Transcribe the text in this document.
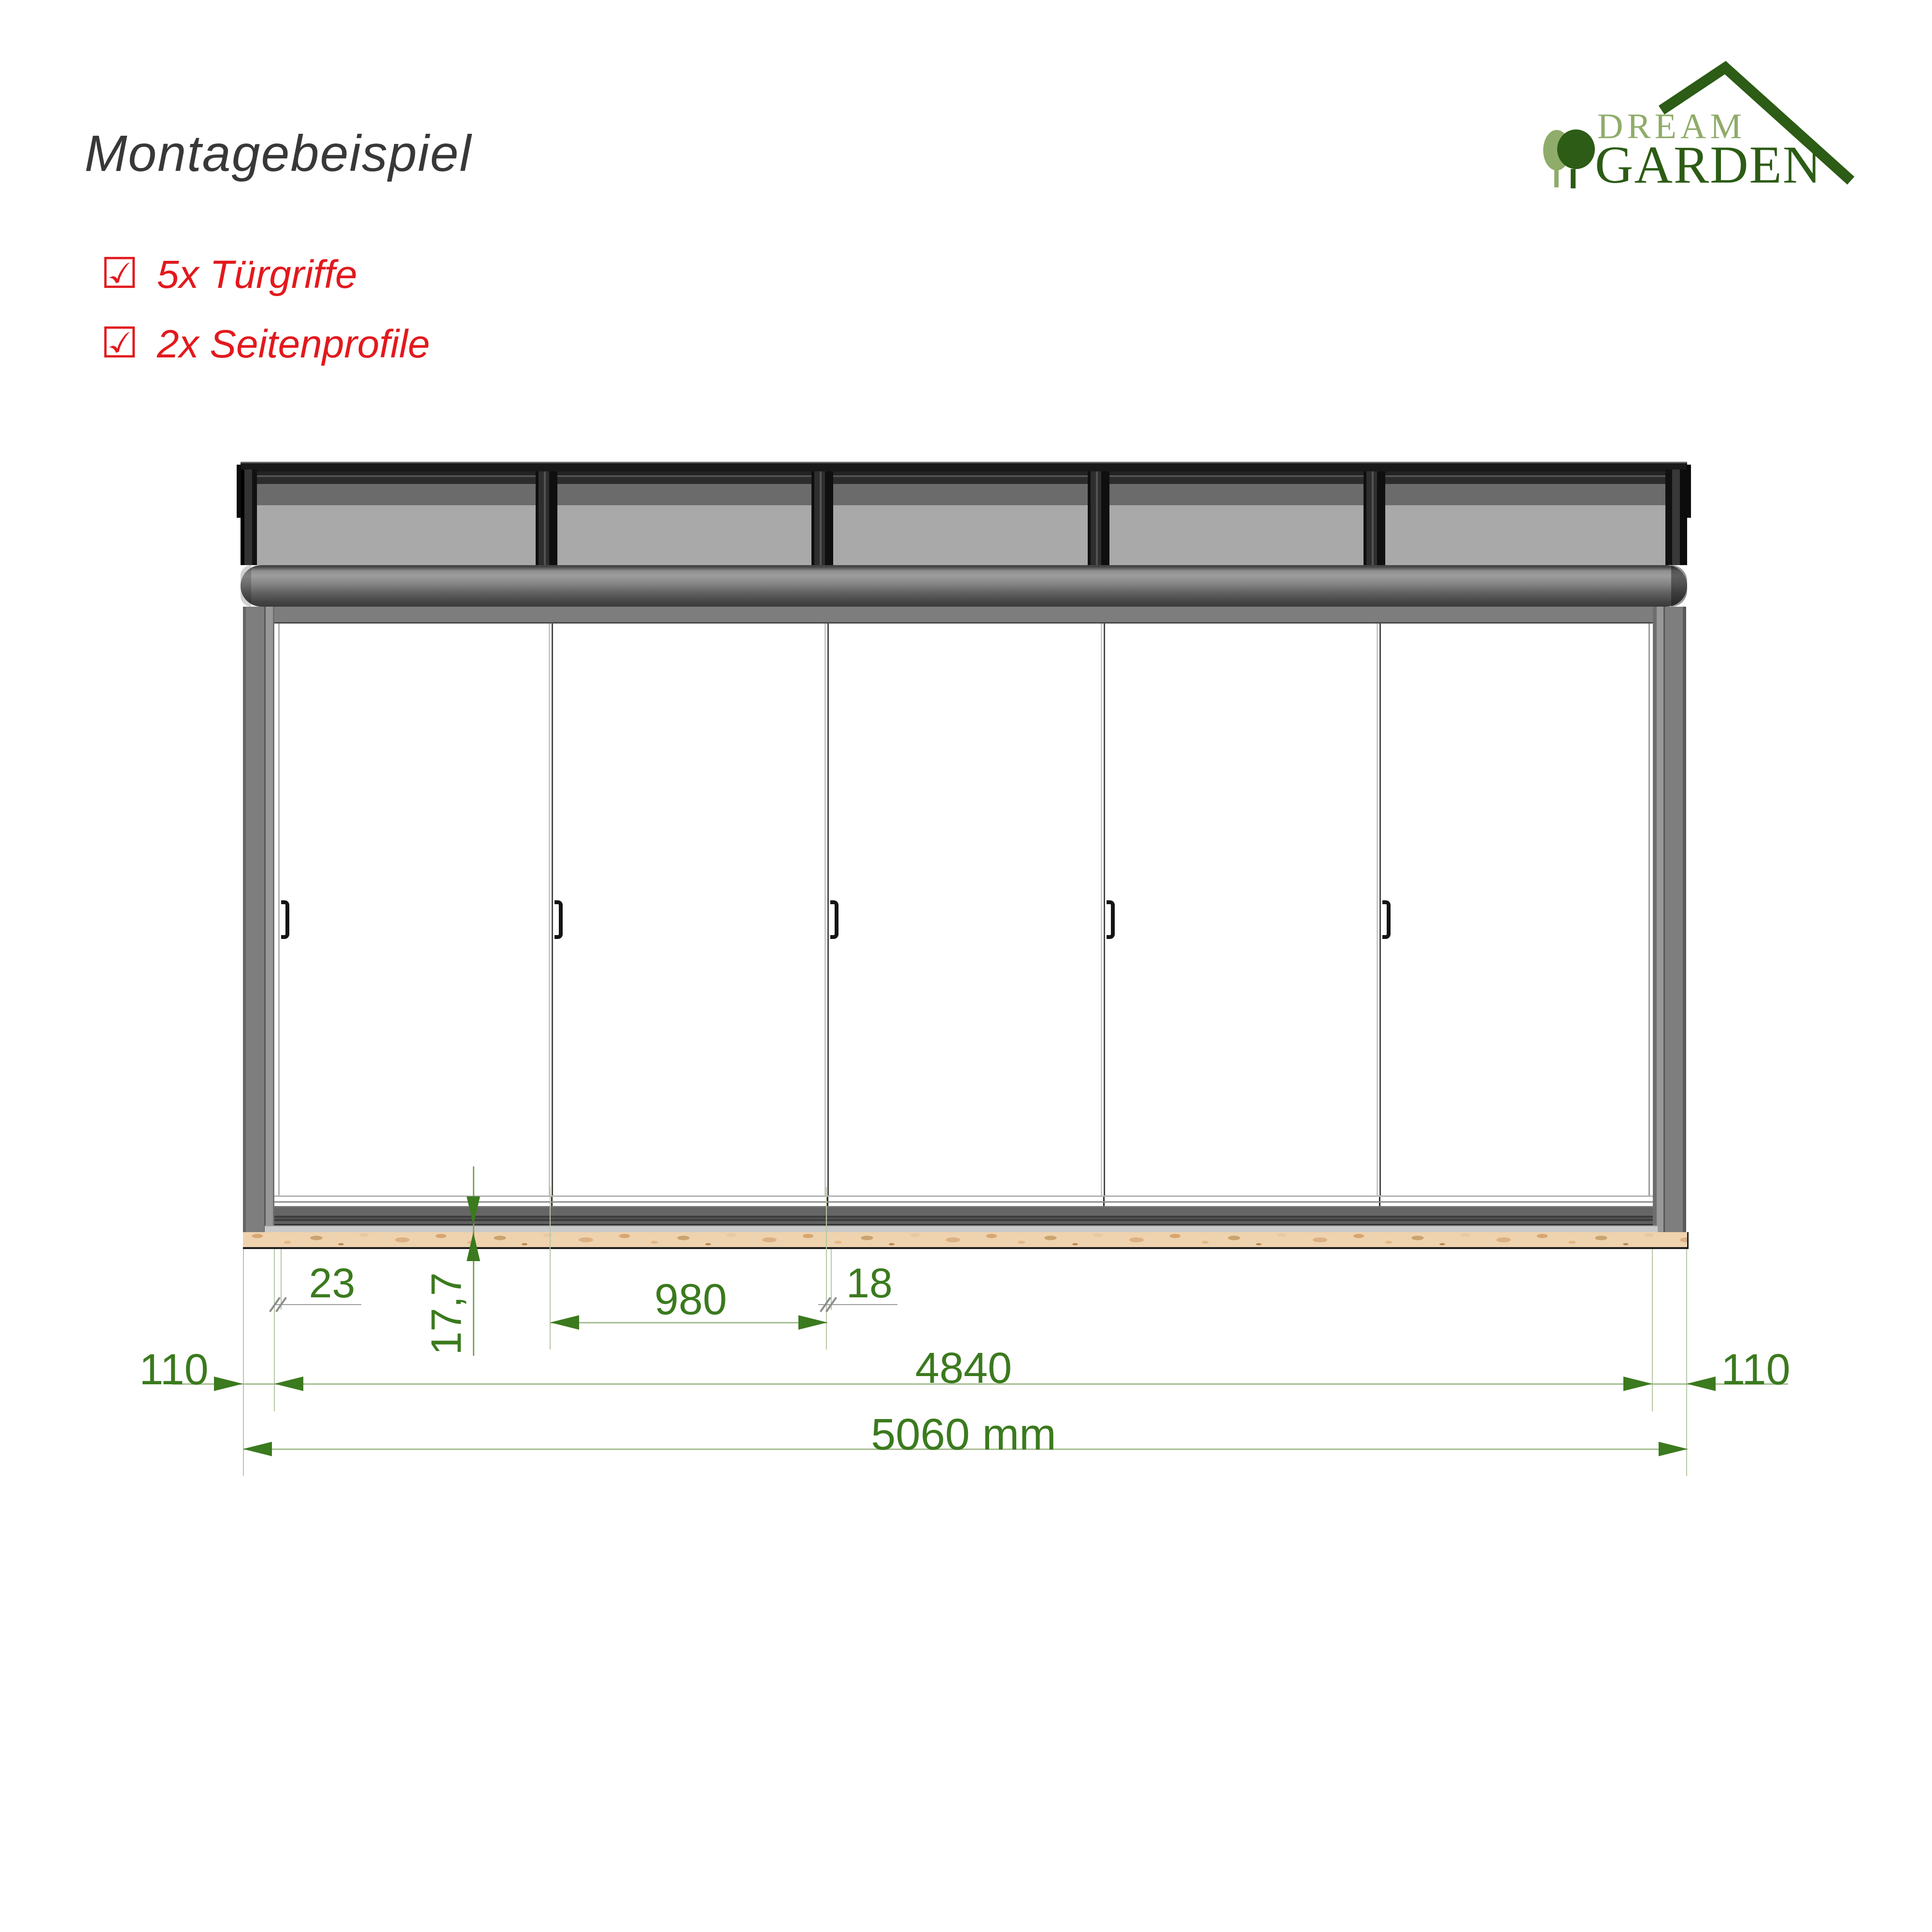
Montagebeispiel
☑ 5x Türgriffe
☑ 2x Seitenprofile
DREAM
GARDEN
17,7
23	18
980
110	4840	110
5060 mm
